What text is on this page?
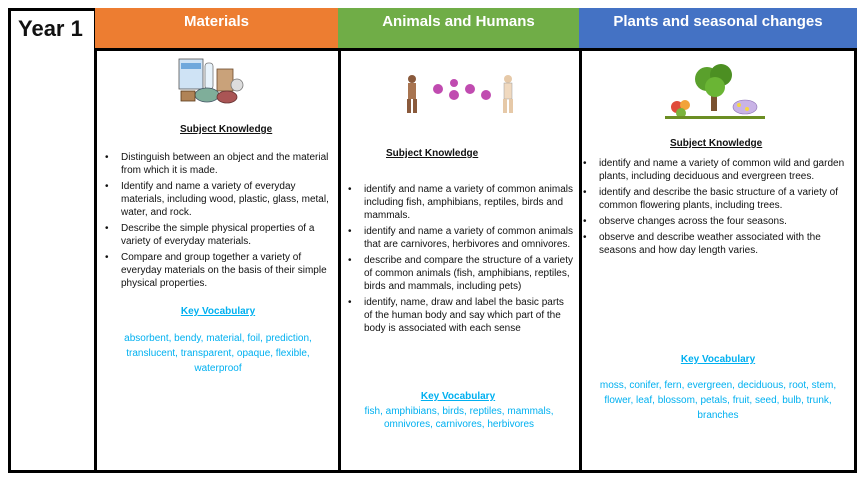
Year 1	Materials
Subject Knowledge
• Distinguish between an object and the material from which it is made.
• Identify and name a variety of everyday materials, including wood, plastic, glass, metal, water, and rock.
• Describe the simple physical properties of a variety of everyday materials.
• Compare and group together a variety of everyday materials on the basis of their simple physical properties.
Key Vocabulary
absorbent, bendy, material, foil, prediction, translucent, transparent, opaque, flexible, waterproof
Animals and Humans
Subject Knowledge
• identify and name a variety of common animals including fish, amphibians, reptiles, birds and mammals.
• identify and name a variety of common animals that are carnivores, herbivores and omnivores.
• describe and compare the structure of a variety of common animals (fish, amphibians, reptiles, birds and mammals, including pets)
• identify, name, draw and label the basic parts of the human body and say which part of the body is associated with each sense
Key Vocabulary
fish, amphibians, birds, reptiles, mammals, omnivores, carnivores, herbivores
Plants and seasonal changes
Subject Knowledge
• identify and name a variety of common wild and garden plants, including deciduous and evergreen trees.
• identify and describe the basic structure of a variety of common flowering plants, including trees.
• observe changes across the four seasons.
• observe and describe weather associated with the seasons and how day length varies.
Key Vocabulary
moss, conifer, fern, evergreen, deciduous, root, stem, flower, leaf, blossom, petals, fruit, seed, bulb, trunk, branches
